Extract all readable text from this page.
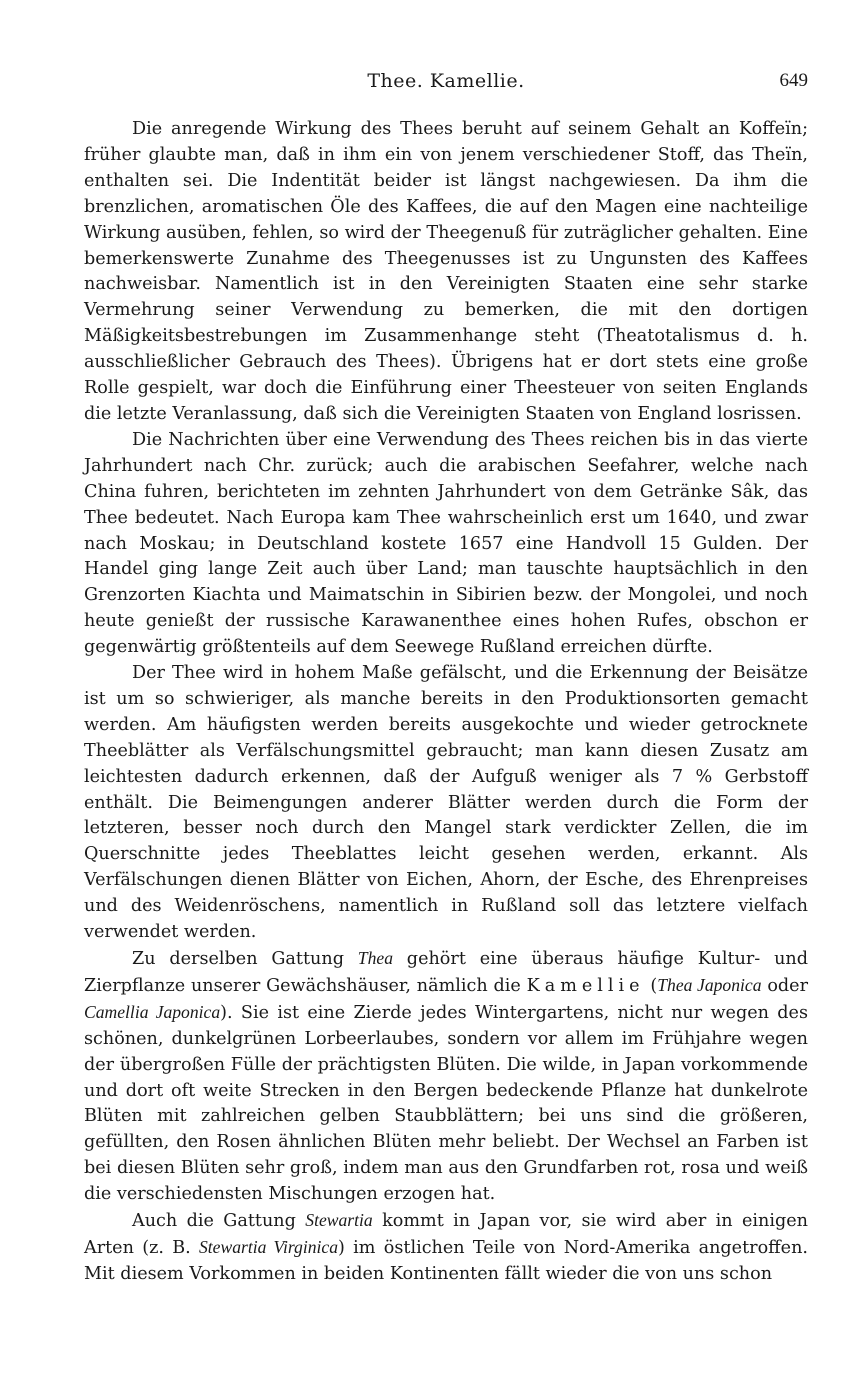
Thee. Kamellie.	649

Die anregende Wirkung des Thees beruht auf seinem Gehalt an Koffeïn; früher glaubte man, daß in ihm ein von jenem verschiedener Stoff, das Theïn, enthalten sei. Die Indentität beider ist längst nachgewiesen. Da ihm die brenzlichen, aromatischen Öle des Kaffees, die auf den Magen eine nachteilige Wirkung ausüben, fehlen, so wird der Theegenuß für zuträglicher gehalten. Eine bemerkenswerte Zunahme des Theegenusses ist zu Ungunsten des Kaffees nachweisbar. Namentlich ist in den Vereinigten Staaten eine sehr starke Vermehrung seiner Verwendung zu bemerken, die mit den dortigen Mäßigkeitsbestrebungen im Zusammenhange steht (Theatotalismus d. h. ausschließlicher Gebrauch des Thees). Übrigens hat er dort stets eine große Rolle gespielt, war doch die Einführung einer Theesteuer von seiten Englands die letzte Veranlassung, daß sich die Vereinigten Staaten von England losrissen.

Die Nachrichten über eine Verwendung des Thees reichen bis in das vierte Jahrhundert nach Chr. zurück; auch die arabischen Seefahrer, welche nach China fuhren, berichteten im zehnten Jahrhundert von dem Getränke Sâk, das Thee bedeutet. Nach Europa kam Thee wahrscheinlich erst um 1640, und zwar nach Moskau; in Deutschland kostete 1657 eine Handvoll 15 Gulden. Der Handel ging lange Zeit auch über Land; man tauschte hauptsächlich in den Grenzorten Kiachta und Maimatschin in Sibirien bezw. der Mongolei, und noch heute genießt der russische Karawanenthee eines hohen Rufes, obschon er gegenwärtig größtenteils auf dem Seewege Rußland erreichen dürfte.

Der Thee wird in hohem Maße gefälscht, und die Erkennung der Beisätze ist um so schwieriger, als manche bereits in den Produktionsorten gemacht werden. Am häufigsten werden bereits ausgekochte und wieder getrocknete Theeblätter als Verfälschungsmittel gebraucht; man kann diesen Zusatz am leichtesten dadurch erkennen, daß der Aufguß weniger als 7 % Gerbstoff enthält. Die Beimengungen anderer Blätter werden durch die Form der letzteren, besser noch durch den Mangel stark verdickter Zellen, die im Querschnitte jedes Theeblattes leicht gesehen werden, erkannt. Als Verfälschungen dienen Blätter von Eichen, Ahorn, der Esche, des Ehrenpreises und des Weidenröschens, namentlich in Rußland soll das letztere vielfach verwendet werden.

Zu derselben Gattung Thea gehört eine überaus häufige Kultur- und Zierpflanze unserer Gewächshäuser, nämlich die Kamellie (Thea Japonica oder Camellia Japonica). Sie ist eine Zierde jedes Wintergartens, nicht nur wegen des schönen, dunkelgrünen Lorbeerlaubes, sondern vor allem im Frühjahre wegen der übergroßen Fülle der prächtigsten Blüten. Die wilde, in Japan vorkommende und dort oft weite Strecken in den Bergen bedeckende Pflanze hat dunkelrote Blüten mit zahlreichen gelben Staubblättern; bei uns sind die größeren, gefüllten, den Rosen ähnlichen Blüten mehr beliebt. Der Wechsel an Farben ist bei diesen Blüten sehr groß, indem man aus den Grundfarben rot, rosa und weiß die verschiedensten Mischungen erzogen hat.

Auch die Gattung Stewartia kommt in Japan vor, sie wird aber in einigen Arten (z. B. Stewartia Virginica) im östlichen Teile von Nord-Amerika angetroffen. Mit diesem Vorkommen in beiden Kontinenten fällt wieder die von uns schon
